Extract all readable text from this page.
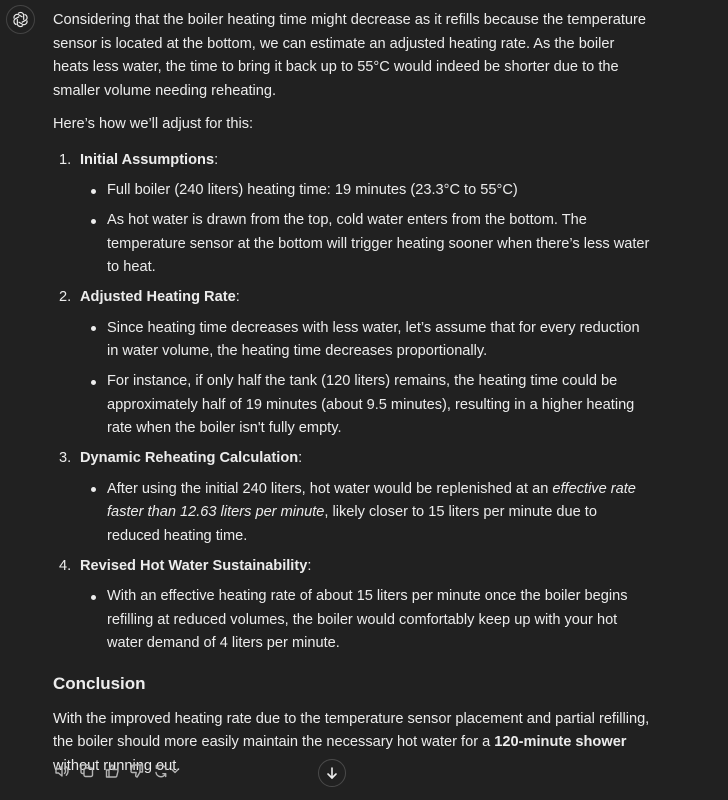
Considering that the boiler heating time might decrease as it refills because the temperature sensor is located at the bottom, we can estimate an adjusted heating rate. As the boiler heats less water, the time to bring it back up to 55°C would indeed be shorter due to the smaller volume needing reheating.

Here’s how we’ll adjust for this:

1. Initial Assumptions:
Full boiler (240 liters) heating time: 19 minutes (23.3°C to 55°C)
As hot water is drawn from the top, cold water enters from the bottom. The temperature sensor at the bottom will trigger heating sooner when there’s less water to heat.
2. Adjusted Heating Rate:
Since heating time decreases with less water, let’s assume that for every reduction in water volume, the heating time decreases proportionally.
For instance, if only half the tank (120 liters) remains, the heating time could be approximately half of 19 minutes (about 9.5 minutes), resulting in a higher heating rate when the boiler isn't fully empty.
3. Dynamic Reheating Calculation:
After using the initial 240 liters, hot water would be replenished at an effective rate faster than 12.63 liters per minute, likely closer to 15 liters per minute due to reduced heating time.
4. Revised Hot Water Sustainability:
With an effective heating rate of about 15 liters per minute once the boiler begins refilling at reduced volumes, the boiler would comfortably keep up with your hot water demand of 4 liters per minute.
Conclusion

With the improved heating rate due to the temperature sensor placement and partial refilling, the boiler should more easily maintain the necessary hot water for a 120-minute shower without running out.
